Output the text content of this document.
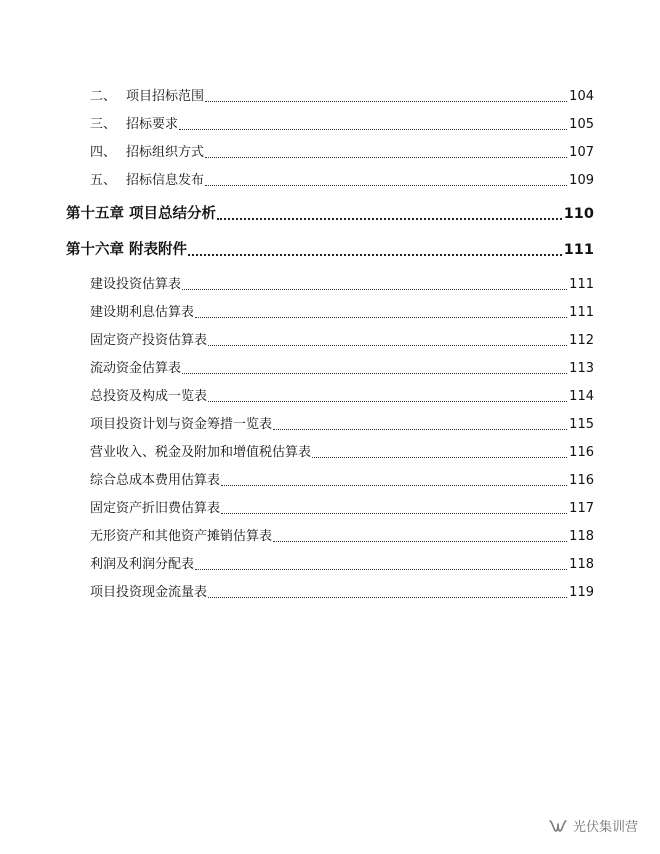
二、 项目招标范围	104
三、 招标要求	105
四、 招标组织方式	107
五、 招标信息发布	109
第十五章 项目总结分析	110
第十六章 附表附件	111
建设投资估算表	111
建设期利息估算表	111
固定资产投资估算表	112
流动资金估算表	113
总投资及构成一览表	114
项目投资计划与资金筹措一览表	115
营业收入、税金及附加和增值税估算表	116
综合总成本费用估算表	116
固定资产折旧费估算表	117
无形资产和其他资产摊销估算表	118
利润及利润分配表	118
项目投资现金流量表	119
光伏集训营
